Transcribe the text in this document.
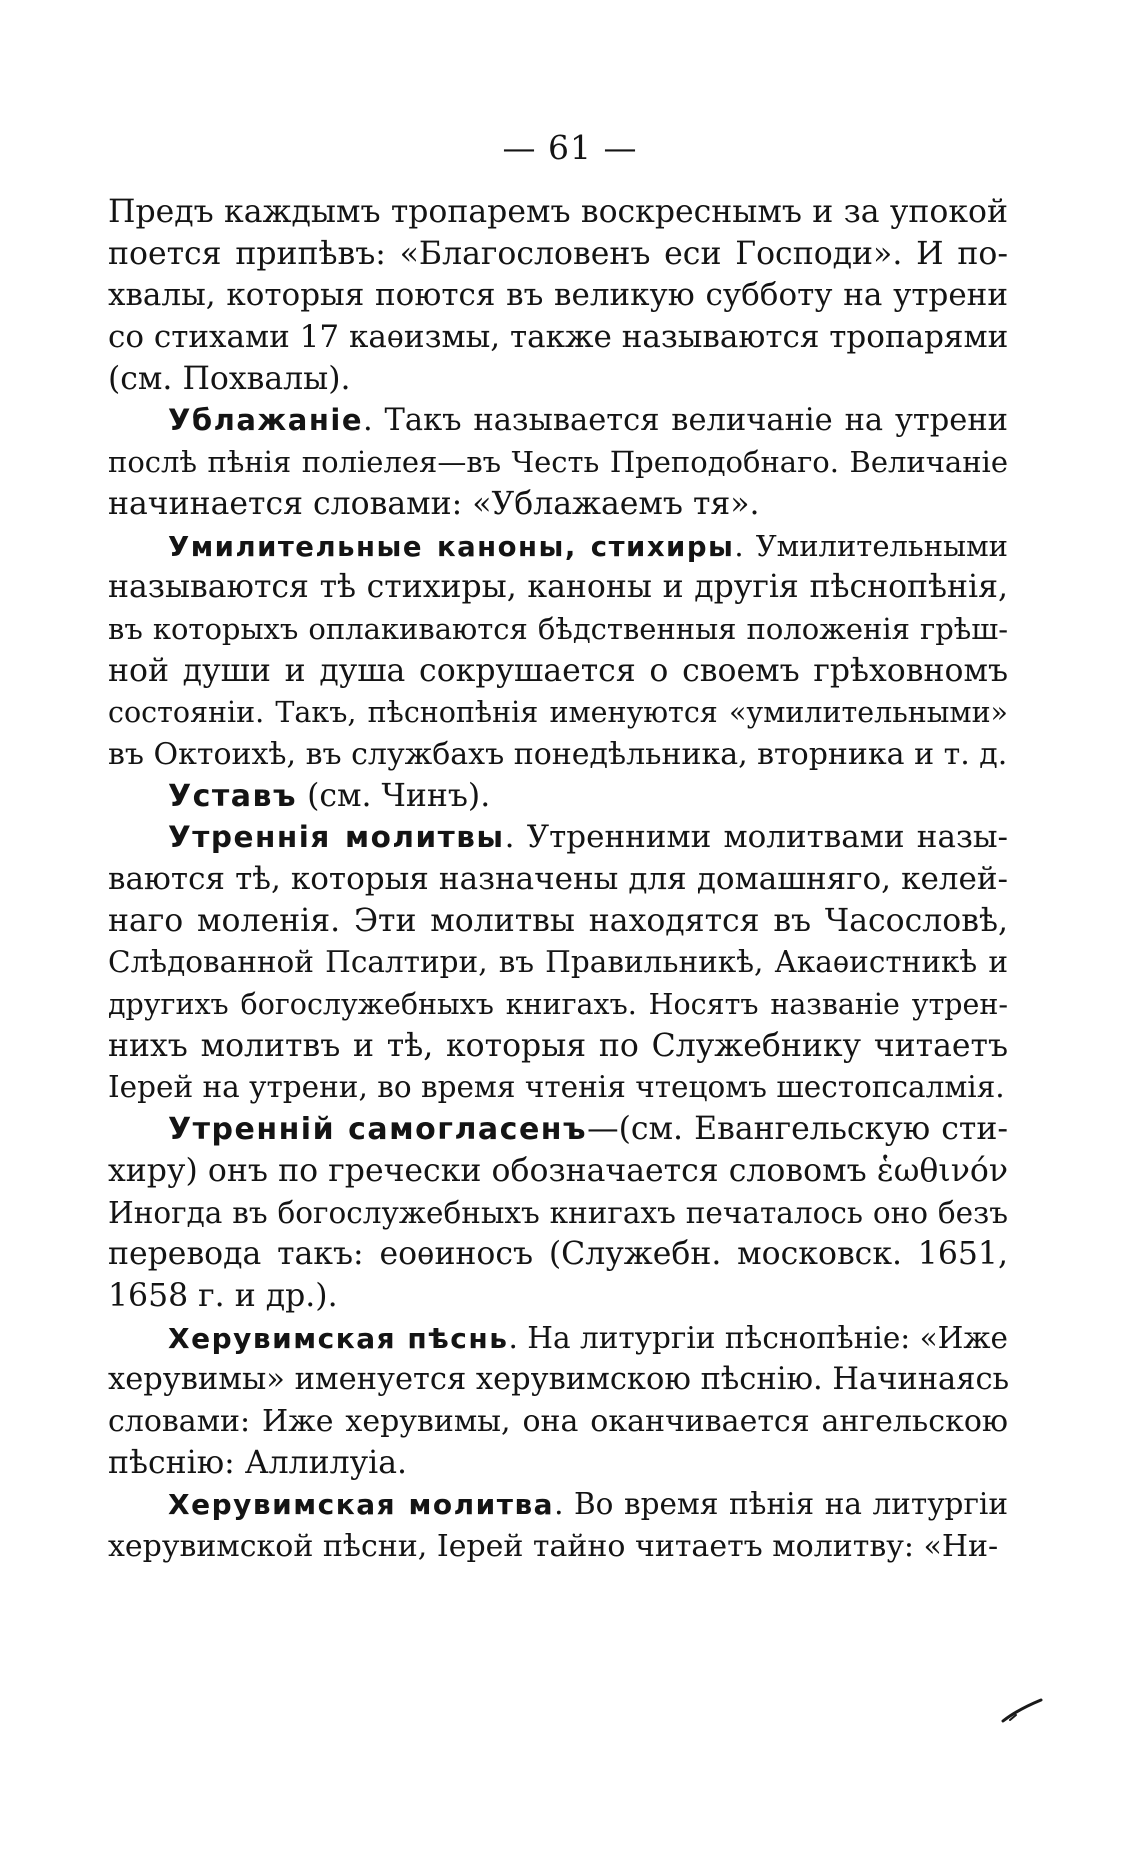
— 61 —

Предъ каждымъ тропаремъ воскреснымъ и за упокой
поется припѣвъ: «Благословенъ еси Господи». И по-
хвалы, которыя поются въ великую субботу на утрени
со стихами 17 каѳизмы, также называются тропарями
(см. Похвалы).

Ублажаніе. Такъ называется величаніе на утрени
послѣ пѣнія поліелея—въ Честь Преподобнаго. Величаніе
начинается словами: «Ублажаемъ тя».

Умилительные каноны, стихиры. Умилительными
называются тѣ стихиры, каноны и другія пѣснопѣнія,
въ которыхъ оплакиваются бѣдственныя положенія грѣш-
ной души и душа сокрушается о своемъ грѣховномъ
состояніи. Такъ, пѣснопѣнія именуются «умилительными»
въ Октоихѣ, въ службахъ понедѣльника, вторника и т. д.

Уставъ (см. Чинъ).

Утреннія молитвы. Утренними молитвами назы-
ваются тѣ, которыя назначены для домашняго, келей-
наго моленія. Эти молитвы находятся въ Часословѣ,
Слѣдованной Псалтири, въ Правильникѣ, Акаѳистникѣ и
другихъ богослужебныхъ книгахъ. Носятъ названіе утрен-
нихъ молитвъ и тѣ, которыя по Служебнику читаетъ
Іерей на утрени, во время чтенія чтецомъ шестопсалмія.

Утренній самогласенъ—(см. Евангельскую сти-
хиру) онъ по гречески обозначается словомъ ἑωθινόν
Иногда въ богослужебныхъ книгахъ печаталось оно безъ
перевода такъ: еоѳиносъ (Служебн. московск. 1651,
1658 г. и др.).

Херувимская пѣснь. На литургіи пѣснопѣніе: «Иже
херувимы» именуется херувимскою пѣснію. Начинаясь
словами: Иже херувимы, она оканчивается ангельскою
пѣснію: Аллилуіа.

Херувимская молитва. Во время пѣнія на литургіи
херувимской пѣсни, Іерей тайно читаетъ молитву: «Ни-
